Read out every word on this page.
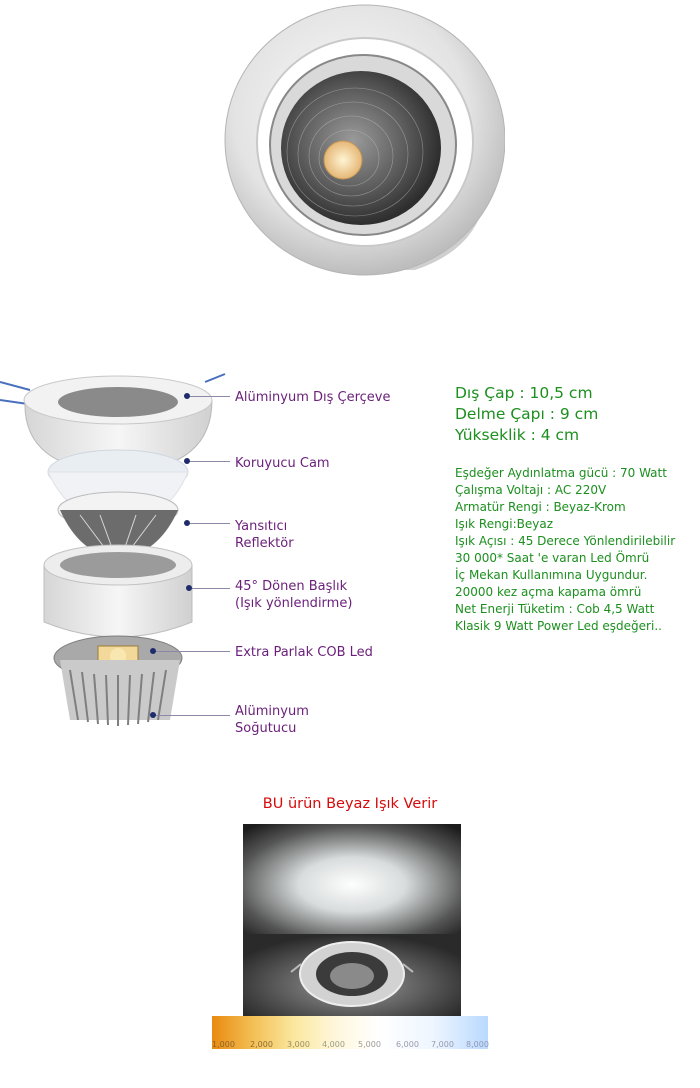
Alüminyum Dış Çerçeve
Koruyucu Cam
Yansıtıcı
Reflektör
45° Dönen Başlık
(Işık yönlendirme)
Extra Parlak COB Led
Alüminyum
Soğutucu
Dış Çap : 10,5 cm
Delme Çapı : 9 cm
Yükseklik : 4 cm
Eşdeğer Aydınlatma gücü : 70 Watt
Çalışma Voltajı : AC 220V
Armatür Rengi : Beyaz-Krom
Işık Rengi:Beyaz
Işık Açısı : 45 Derece Yönlendirilebilir
30 000* Saat 'e varan Led Ömrü
İç Mekan Kullanımına Uygundur.
20000 kez açma kapama ömrü
Net Enerji Tüketim : Cob 4,5 Watt
Klasik 9 Watt Power Led eşdeğeri..
BU ürün Beyaz Işık Verir
1,000 2,000 3,000 4,000 5,000 6,000 7,000 8,000
